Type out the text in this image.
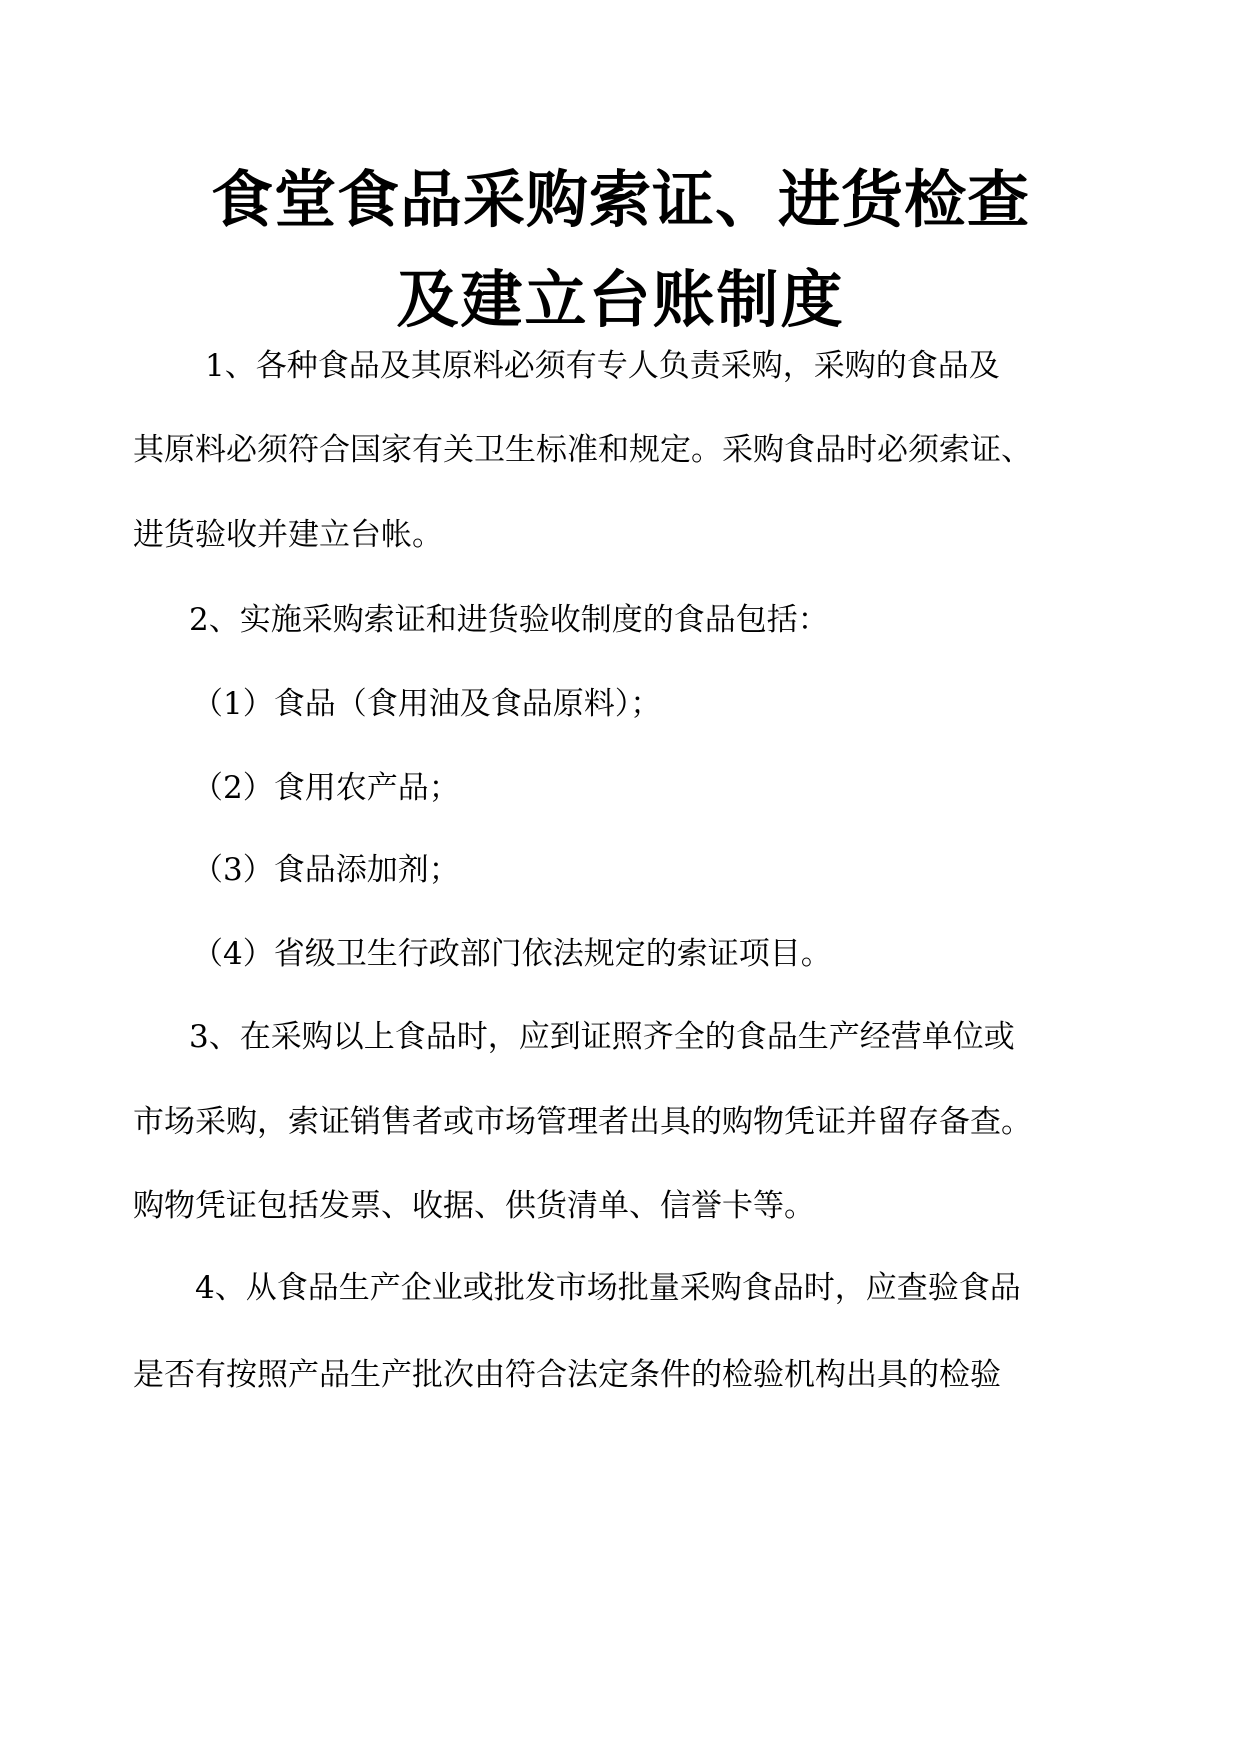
食堂食品采购索证、进货检查
及建立台账制度

1、各种食品及其原料必须有专人负责采购，采购的食品及

其原料必须符合国家有关卫生标准和规定。采购食品时必须索证、

进货验收并建立台帐。

2、实施采购索证和进货验收制度的食品包括：

（1）食品（食用油及食品原料）；

（2）食用农产品；

（3）食品添加剂；

（4）省级卫生行政部门依法规定的索证项目。

3、在采购以上食品时，应到证照齐全的食品生产经营单位或

市场采购，索证销售者或市场管理者出具的购物凭证并留存备查。

购物凭证包括发票、收据、供货清单、信誉卡等。

4、从食品生产企业或批发市场批量采购食品时，应查验食品

是否有按照产品生产批次由符合法定条件的检验机构出具的检验
